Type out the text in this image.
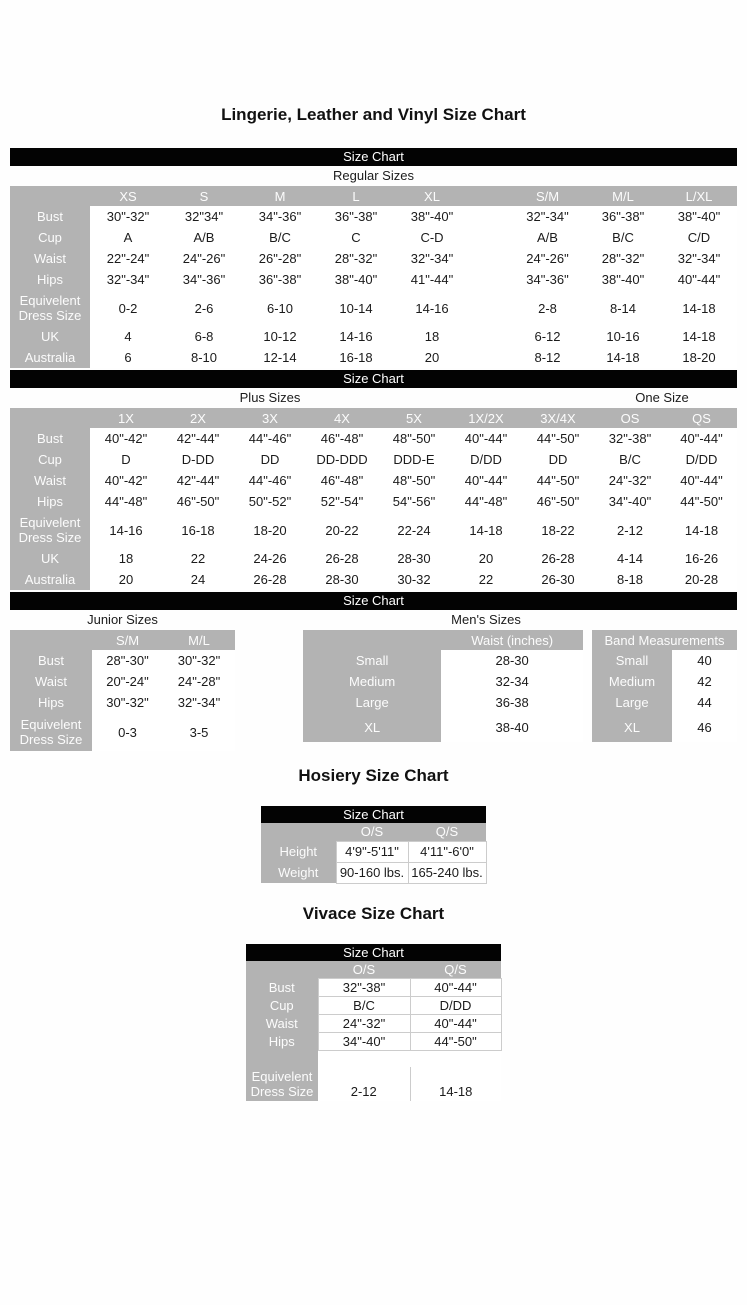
Lingerie, Leather and Vinyl Size Chart
Size Chart
Regular Sizes
	XS	S	M	L	XL		S/M	M/L	L/XL
Bust	30"-32"	32"34"	34"-36"	36"-38"	38"-40"		32"-34"	36"-38"	38"-40"
Cup	A	A/B	B/C	C	C-D		A/B	B/C	C/D
Waist	22"-24"	24"-26"	26"-28"	28"-32"	32"-34"		24"-26"	28"-32"	32"-34"
Hips	32"-34"	34"-36"	36"-38"	38"-40"	41"-44"		34"-36"	38"-40"	40"-44"
Equivelent Dress Size	0-2	2-6	6-10	10-14	14-16		2-8	8-14	14-18
UK	4	6-8	10-12	14-16	18		6-12	10-16	14-18
Australia	6	8-10	12-14	16-18	20		8-12	14-18	18-20
Size Chart
Plus Sizes	One Size
	1X	2X	3X	4X	5X	1X/2X	3X/4X	OS	QS
Bust	40"-42"	42"-44"	44"-46"	46"-48"	48"-50"	40"-44"	44"-50"	32"-38"	40"-44"
Cup	D	D-DD	DD	DD-DDD	DDD-E	D/DD	DD	B/C	D/DD
Waist	40"-42"	42"-44"	44"-46"	46"-48"	48"-50"	40"-44"	44"-50"	24"-32"	40"-44"
Hips	44"-48"	46"-50"	50"-52"	52"-54"	54"-56"	44"-48"	46"-50"	34"-40"	44"-50"
Equivelent Dress Size	14-16	16-18	18-20	20-22	22-24	14-18	18-22	2-12	14-18
UK	18	22	24-26	26-28	28-30	20	26-28	4-14	16-26
Australia	20	24	26-28	28-30	30-32	22	26-30	8-18	20-28
Size Chart
Junior Sizes	Men's Sizes
	S/M	M/L
Bust	28"-30"	30"-32"
Waist	20"-24"	24"-28"
Hips	30"-32"	32"-34"
Equivelent Dress Size	0-3	3-5
	Waist (inches)
Small	28-30
Medium	32-34
Large	36-38
XL	38-40
Band Measurements	
Small	40
Medium	42
Large	44
XL	46
Hosiery Size Chart
Size Chart
	O/S	Q/S
Height	4'9"-5'11"	4'11"-6'0"
Weight	90-160 lbs.	165-240 lbs.
Vivace Size Chart
Size Chart
	O/S	Q/S
Bust	32"-38"	40"-44"
Cup	B/C	D/DD
Waist	24"-32"	40"-44"
Hips	34"-40"	44"-50"

Equivelent Dress Size	2-12	14-18
